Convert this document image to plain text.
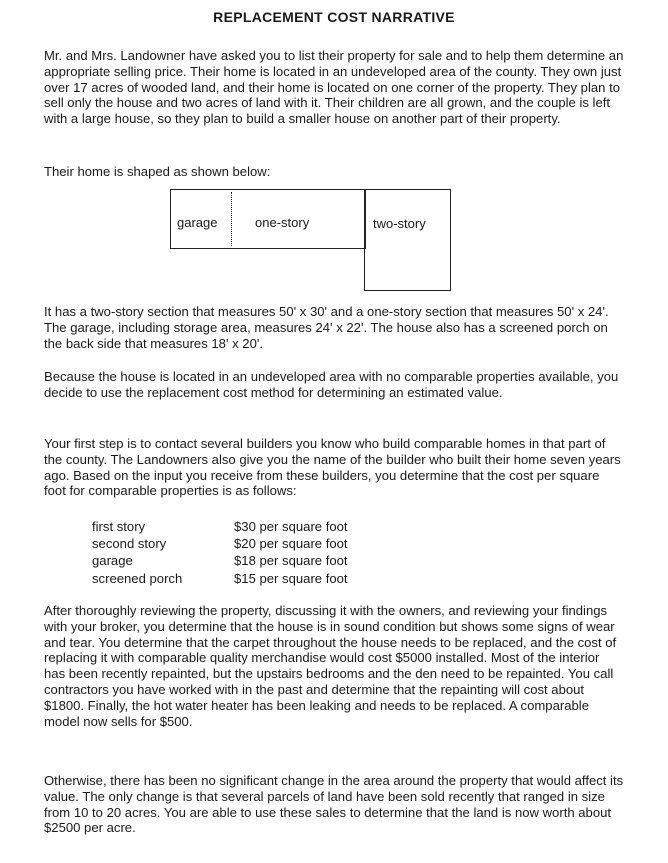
REPLACEMENT COST NARRATIVE

Mr. and Mrs. Landowner have asked you to list their property for sale and to help them determine an appropriate selling price. Their home is located in an undeveloped area of the county. They own just over 17 acres of wooded land, and their home is located on one corner of the property. They plan to sell only the house and two acres of land with it. Their children are all grown, and the couple is left with a large house, so they plan to build a smaller house on another part of their property.

Their home is shaped as shown below:

garage	one-story	two-story

It has a two-story section that measures 50' x 30' and a one-story section that measures 50' x 24'. The garage, including storage area, measures 24' x 22'. The house also has a screened porch on the back side that measures 18' x 20'.

Because the house is located in an undeveloped area with no comparable properties available, you decide to use the replacement cost method for determining an estimated value.

Your first step is to contact several builders you know who build comparable homes in that part of the county. The Landowners also give you the name of the builder who built their home seven years ago. Based on the input you receive from these builders, you determine that the cost per square foot for comparable properties is as follows:

first story	$30 per square foot
second story	$20 per square foot
garage	$18 per square foot
screened porch	$15 per square foot

After thoroughly reviewing the property, discussing it with the owners, and reviewing your findings with your broker, you determine that the house is in sound condition but shows some signs of wear and tear. You determine that the carpet throughout the house needs to be replaced, and the cost of replacing it with comparable quality merchandise would cost $5000 installed. Most of the interior has been recently repainted, but the upstairs bedrooms and the den need to be repainted. You call contractors you have worked with in the past and determine that the repainting will cost about $1800. Finally, the hot water heater has been leaking and needs to be replaced. A comparable model now sells for $500.

Otherwise, there has been no significant change in the area around the property that would affect its value. The only change is that several parcels of land have been sold recently that ranged in size from 10 to 20 acres. You are able to use these sales to determine that the land is now worth about $2500 per acre.
